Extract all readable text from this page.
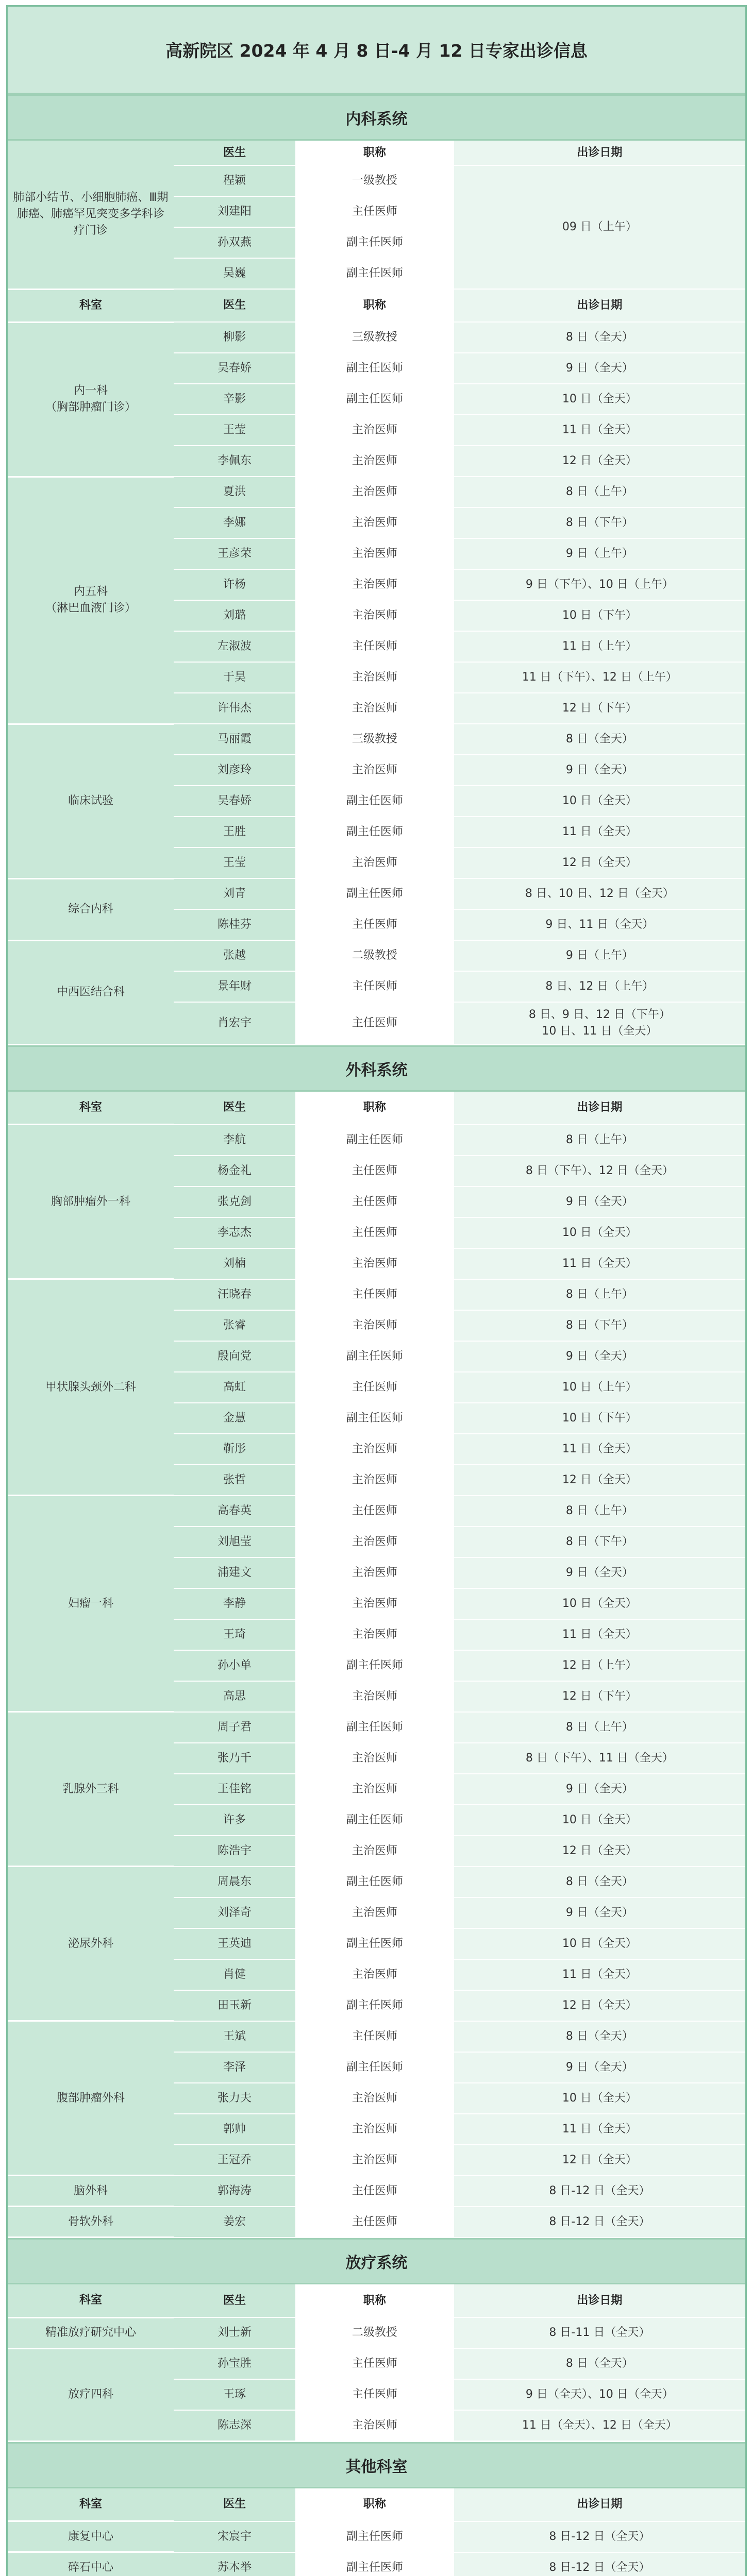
高新院区 2024 年 4 月 8 日-4 月 12 日专家出诊信息
内科系统
肺部小结节、小细胞肺癌、Ⅲ期肺癌、肺癌罕见突变多学科诊疗门诊	医生	职称	出诊日期
	程颖	一级教授	09 日（上午）
	刘建阳	主任医师	
	孙双燕	副主任医师	
	吴巍	副主任医师	
科室	医生	职称	出诊日期
内一科
（胸部肿瘤门诊）	柳影	三级教授	8 日（全天）
	吴春娇	副主任医师	9 日（全天）
	辛影	副主任医师	10 日（全天）
	王莹	主治医师	11 日（全天）
	李佩东	主治医师	12 日（全天）
内五科
（淋巴血液门诊）	夏洪	主治医师	8 日（上午）
	李娜	主治医师	8 日（下午）
	王彦荣	主治医师	9 日（上午）
	许杨	主治医师	9 日（下午）、10 日（上午）
	刘璐	主治医师	10 日（下午）
	左淑波	主任医师	11 日（上午）
	于昊	主治医师	11 日（下午）、12 日（上午）
	许伟杰	主治医师	12 日（下午）
临床试验	马丽霞	三级教授	8 日（全天）
	刘彦玲	主治医师	9 日（全天）
	吴春娇	副主任医师	10 日（全天）
	王胜	副主任医师	11 日（全天）
	王莹	主治医师	12 日（全天）
综合内科	刘青	副主任医师	8 日、10 日、12 日（全天）
	陈桂芬	主任医师	9 日、11 日（全天）
中西医结合科	张越	二级教授	9 日（上午）
	景年财	主任医师	8 日、12 日（上午）
	肖宏宇	主任医师	8 日、9 日、12 日（下午）
10 日、11 日（全天）
外科系统
科室	医生	职称	出诊日期
胸部肿瘤外一科	李航	副主任医师	8 日（上午）
	杨金礼	主任医师	8 日（下午）、12 日（全天）
	张克剑	主任医师	9 日（全天）
	李志杰	主任医师	10 日（全天）
	刘楠	主治医师	11 日（全天）
甲状腺头颈外二科	汪晓春	主任医师	8 日（上午）
	张睿	主治医师	8 日（下午）
	殷向党	副主任医师	9 日（全天）
	高虹	主任医师	10 日（上午）
	金慧	副主任医师	10 日（下午）
	靳彤	主治医师	11 日（全天）
	张哲	主治医师	12 日（全天）
妇瘤一科	高春英	主任医师	8 日（上午）
	刘旭莹	主治医师	8 日（下午）
	浦建文	主治医师	9 日（全天）
	李静	主治医师	10 日（全天）
	王琦	主治医师	11 日（全天）
	孙小单	副主任医师	12 日（上午）
	高思	主治医师	12 日（下午）
乳腺外三科	周子君	副主任医师	8 日（上午）
	张乃千	主治医师	8 日（下午）、11 日（全天）
	王佳铭	主治医师	9 日（全天）
	许多	副主任医师	10 日（全天）
	陈浩宇	主治医师	12 日（全天）
泌尿外科	周晨东	副主任医师	8 日（全天）
	刘泽奇	主治医师	9 日（全天）
	王英迪	副主任医师	10 日（全天）
	肖健	主治医师	11 日（全天）
	田玉新	副主任医师	12 日（全天）
腹部肿瘤外科	王斌	主任医师	8 日（全天）
	李泽	副主任医师	9 日（全天）
	张力夫	主治医师	10 日（全天）
	郭帅	主治医师	11 日（全天）
	王冠乔	主治医师	12 日（全天）
脑外科	郭海涛	主任医师	8 日-12 日（全天）
骨软外科	姜宏	主任医师	8 日-12 日（全天）
放疗系统
科室	医生	职称	出诊日期
精准放疗研究中心	刘士新	二级教授	8 日-11 日（全天）
放疗四科	孙宝胜	主任医师	8 日（全天）
	王琢	主任医师	9 日（全天）、10 日（全天）
	陈志深	主治医师	11 日（全天）、12 日（全天）
其他科室
科室	医生	职称	出诊日期
康复中心	宋宸宇	副主任医师	8 日-12 日（全天）
碎石中心	苏本举	副主任医师	8 日-12 日（全天）
